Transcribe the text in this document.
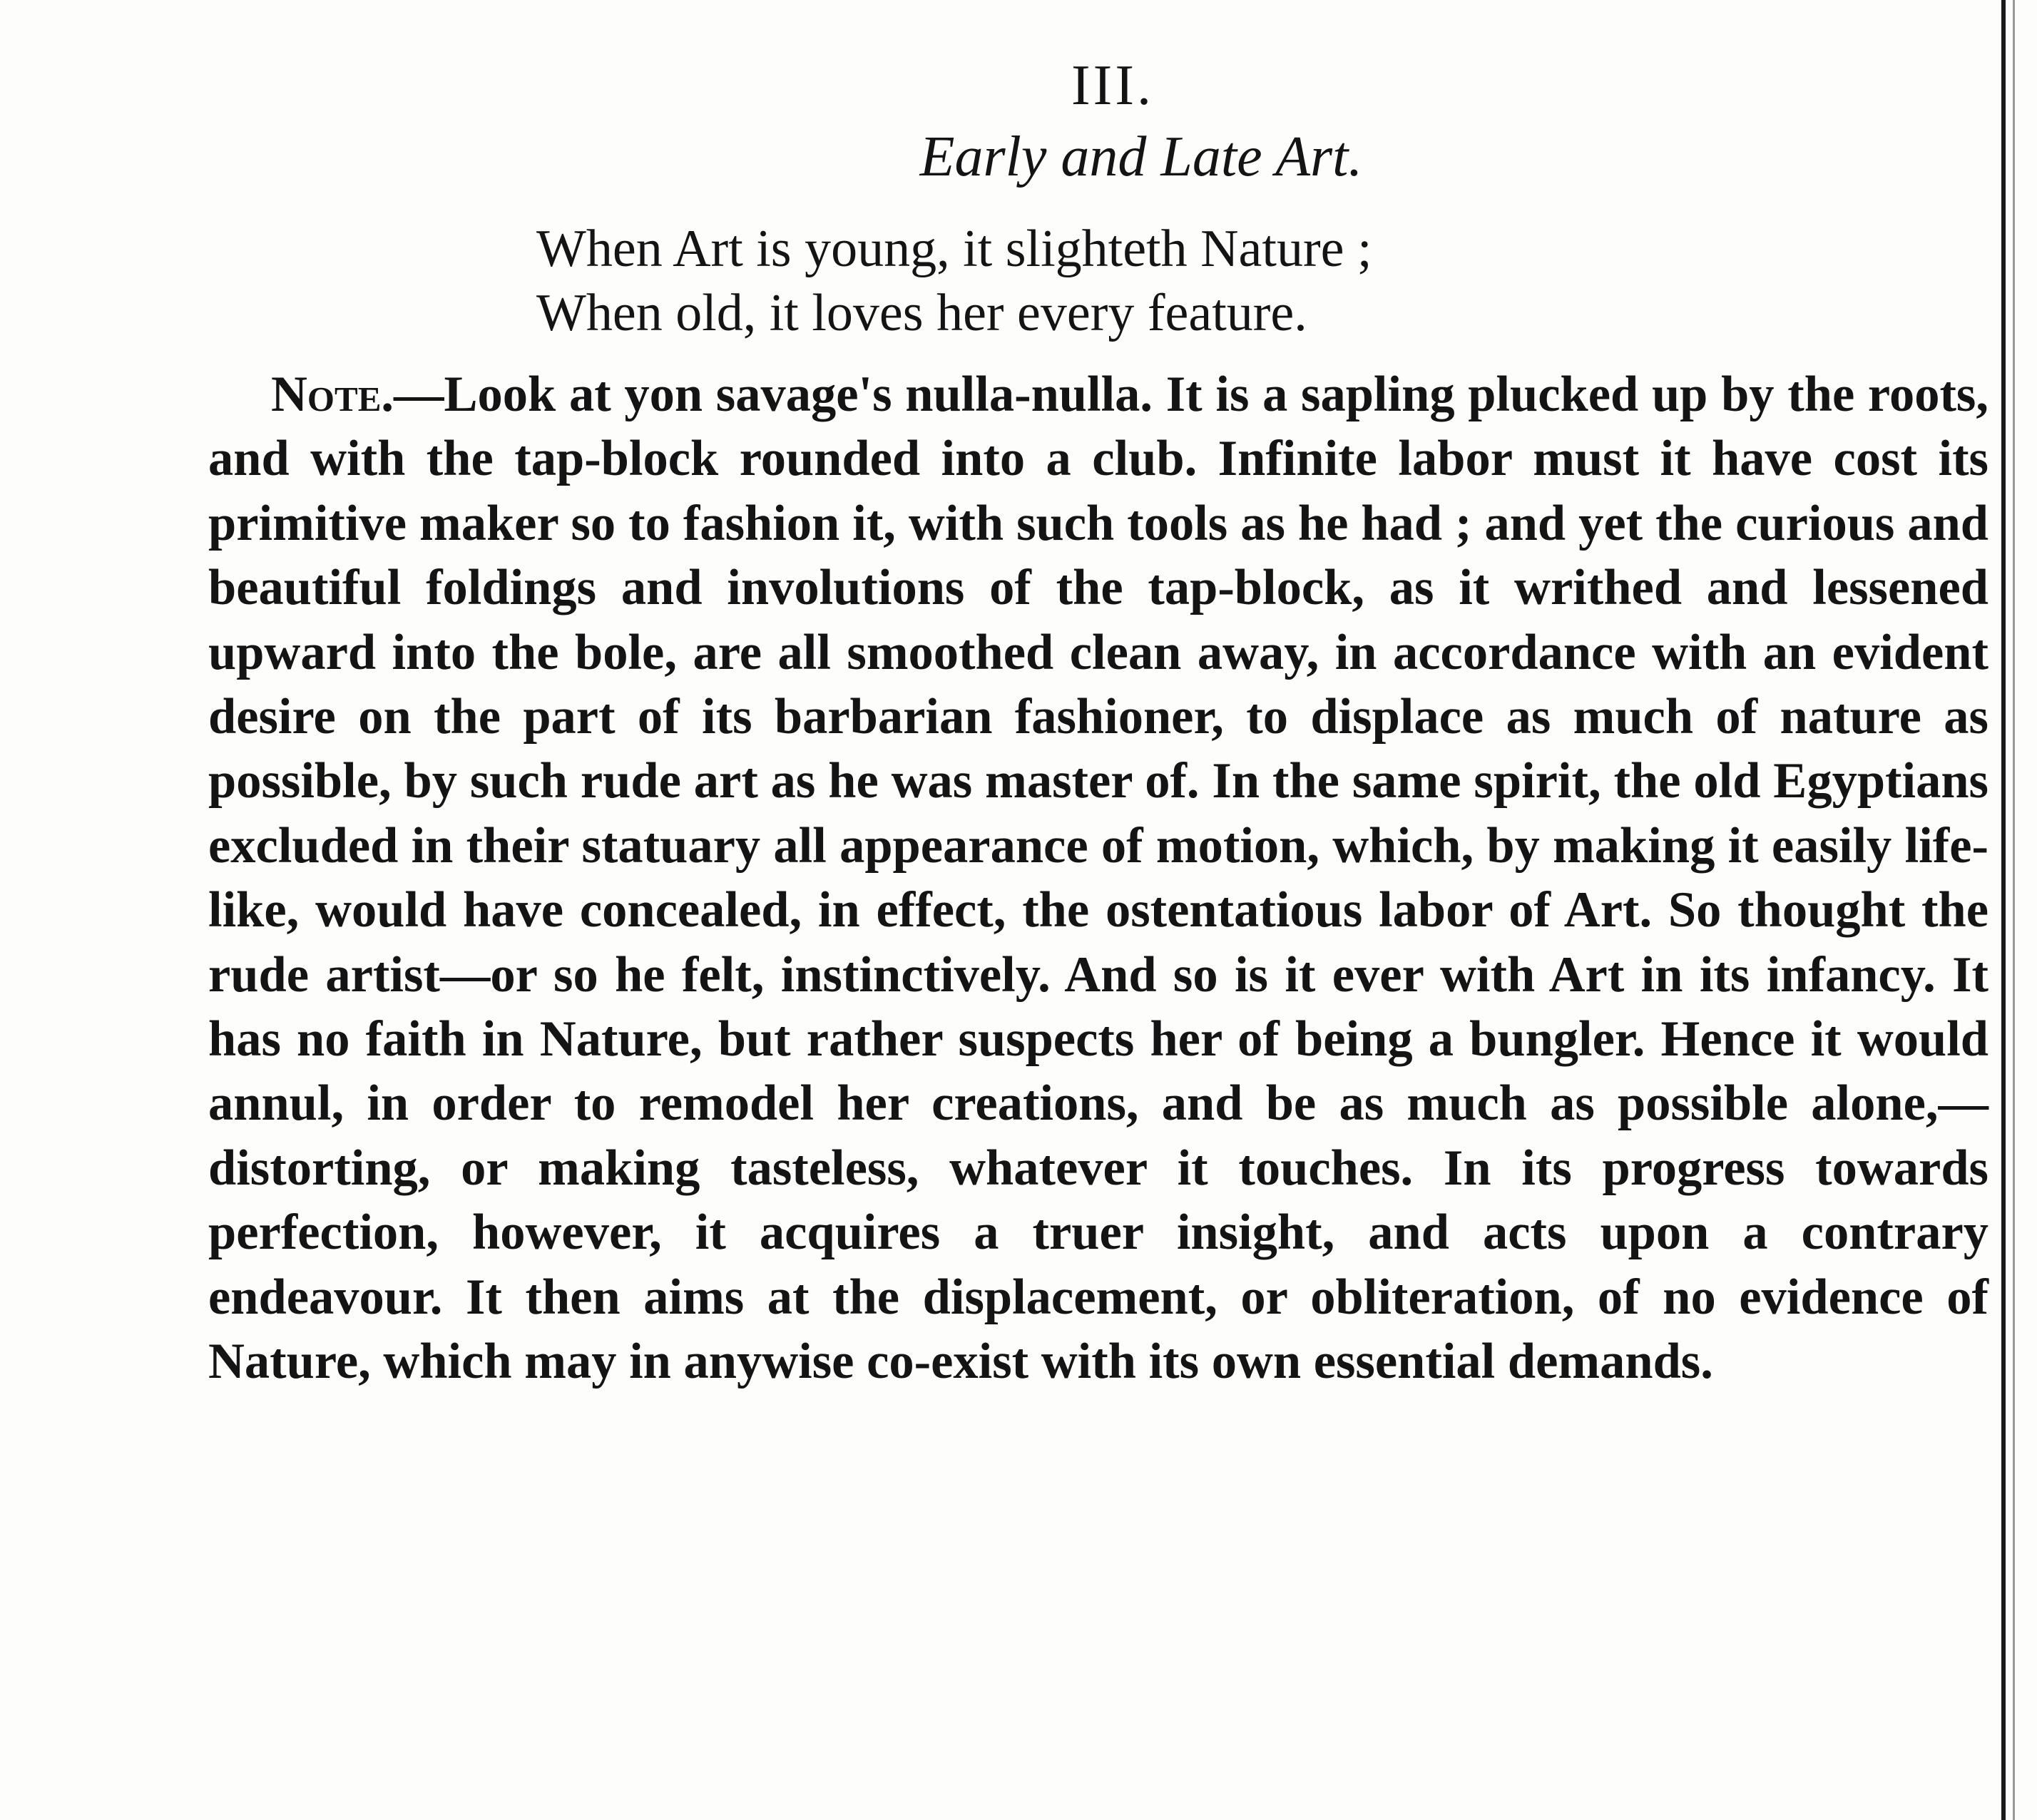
III.
Early and Late Art.
When Art is young, it slighteth Nature ;
When old, it loves her every feature.

Note.—Look at yon savage's nulla-nulla. It is a sapling plucked up by the roots, and with the tap-block rounded into a club. Infinite labor must it have cost its primitive maker so to fashion it, with such tools as he had ; and yet the curious and beautiful foldings and involutions of the tap-block, as it writhed and lessened upward into the bole, are all smoothed clean away, in accordance with an evident desire on the part of its barbarian fashioner, to displace as much of nature as possible, by such rude art as he was master of. In the same spirit, the old Egyptians excluded in their statuary all appearance of motion, which, by making it easily life-like, would have concealed, in effect, the ostentatious labor of Art. So thought the rude artist—or so he felt, instinctively. And so is it ever with Art in its infancy. It has no faith in Nature, but rather suspects her of being a bungler. Hence it would annul, in order to remodel her creations, and be as much as possible alone,—distorting, or making tasteless, whatever it touches. In its progress towards perfection, however, it acquires a truer insight, and acts upon a contrary endeavour. It then aims at the displacement, or obliteration, of no evidence of Nature, which may in anywise co-exist with its own essential demands.
